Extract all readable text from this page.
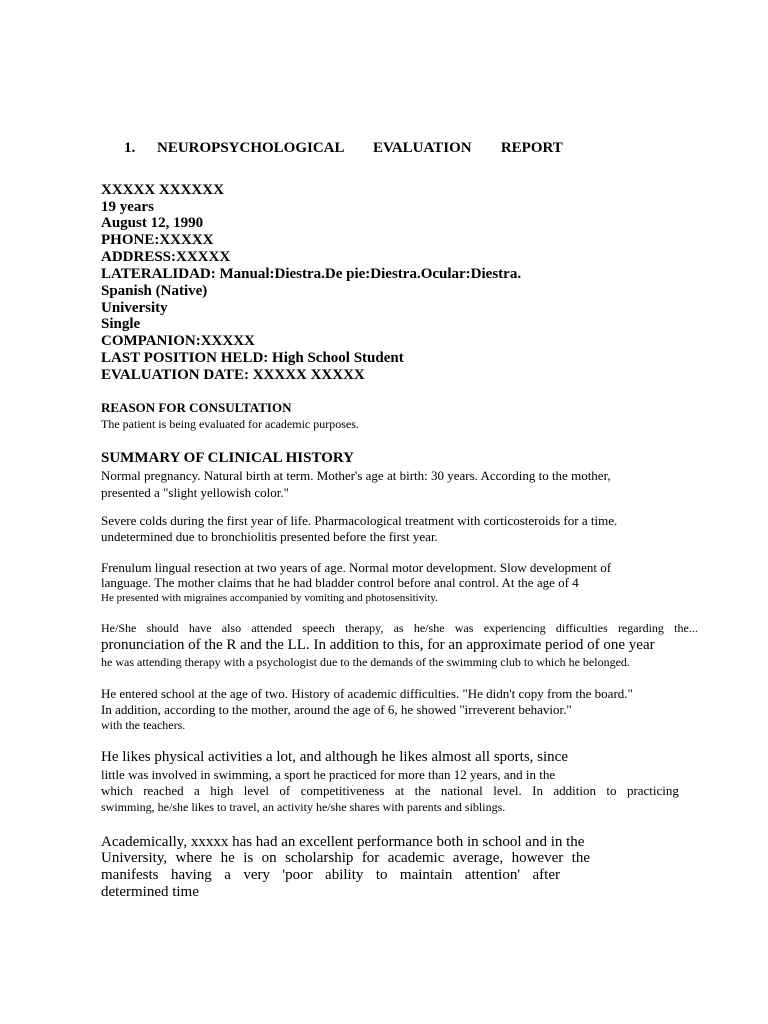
1. NEUROPSYCHOLOGICAL   EVALUATION   REPORT
XXXXX XXXXXX
19 years
August 12, 1990
PHONE:XXXXX
ADDRESS:XXXXX
LATERALIDAD: Manual:Diestra.De pie:Diestra.Ocular:Diestra.
Spanish (Native)
University
Single
COMPANION:XXXXX
LAST POSITION HELD: High School Student
EVALUATION DATE: XXXXX XXXXX
REASON FOR CONSULTATION
The patient is being evaluated for academic purposes.
SUMMARY OF CLINICAL HISTORY
Normal pregnancy. Natural birth at term. Mother's age at birth: 30 years. According to the mother,
presented a "slight yellowish color."
Severe colds during the first year of life. Pharmacological treatment with corticosteroids for a time.
undetermined due to bronchiolitis presented before the first year.
Frenulum lingual resection at two years of age. Normal motor development. Slow development of
language. The mother claims that he had bladder control before anal control. At the age of 4
He presented with migraines accompanied by vomiting and photosensitivity.
He/She should have also attended speech therapy, as he/she was experiencing difficulties regarding the...
pronunciation of the R and the LL. In addition to this, for an approximate period of one year
he was attending therapy with a psychologist due to the demands of the swimming club to which he belonged.
He entered school at the age of two. History of academic difficulties. "He didn't copy from the board."
In addition, according to the mother, around the age of 6, he showed "irreverent behavior."
with the teachers.
He likes physical activities a lot, and although he likes almost all sports, since
little was involved in swimming, a sport he practiced for more than 12 years, and in the
which reached a high level of competitiveness at the national level. In addition to practicing
swimming, he/she likes to travel, an activity he/she shares with parents and siblings.
Academically, xxxxx has had an excellent performance both in school and in the
University, where he is on scholarship for academic average, however the
manifests having a very 'poor ability to maintain attention' after
determined time
